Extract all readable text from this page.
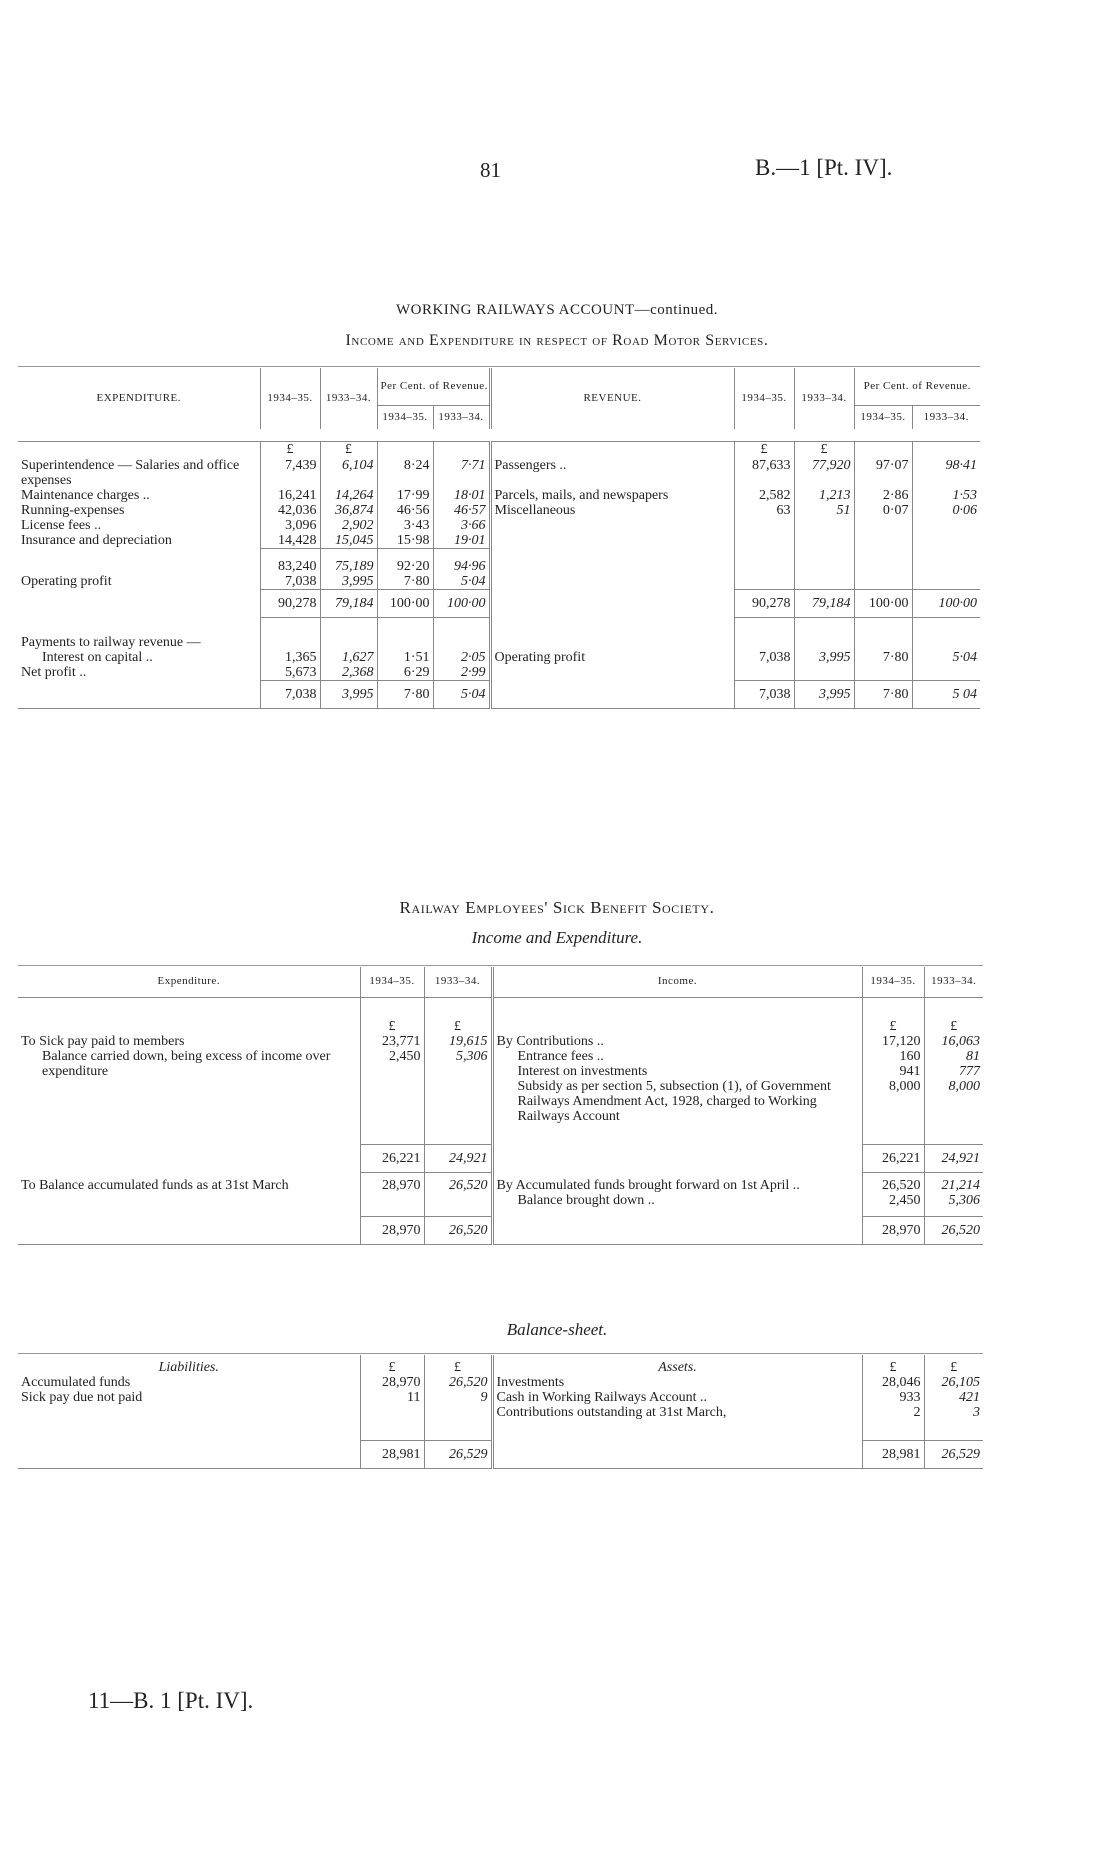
81	B.—1 [Pt. IV].
WORKING RAILWAYS ACCOUNT—continued.
Income and Expenditure in respect of Road Motor Services.
EXPENDITURE.	1934–35.	1933–34.	Per Cent. of Revenue.		REVENUE.	1934–35.	1933–34.	Per Cent. of Revenue.	
			1934–35.	1933–34.				1934–35.	1933–34.

	£	£				£	£		
Superintendence — Salaries and office expenses	7,439	6,104	8·24	7·71	Passengers ..	87,633	77,920	97·07	98·41
Maintenance charges ..	16,241	14,264	17·99	18·01	Parcels, mails, and newspapers	2,582	1,213	2·86	1·53
Running-expenses	42,036	36,874	46·56	46·57	Miscellaneous	63	51	0·07	0·06
License fees ..	3,096	2,902	3·43	3·66					
Insurance and depreciation	14,428	15,045	15·98	19·01					

	83,240	75,189	92·20	94·96					
Operating profit	7,038	3,995	7·80	5·04					
	90,278	79,184	100·00	100·00		90,278	79,184	100·00	100·00

Payments to railway revenue —									
Interest on capital ..	1,365	1,627	1·51	2·05	Operating profit	7,038	3,995	7·80	5·04
Net profit ..	5,673	2,368	6·29	2·99					
	7,038	3,995	7·80	5·04		7,038	3,995	7·80	5 04
Railway Employees' Sick Benefit Society.
Income and Expenditure.
Expenditure.	1934–35.	1933–34.	Income.	1934–35.	1933–34.

	£	£		£	£
To Sick pay paid to members	23,771	19,615	By Contributions ..	17,120	16,063
Balance carried down, being excess of income over expenditure	2,450	5,306	Entrance fees ..	160	81
			Interest on investments	941	777
			Subsidy as per section 5, subsection (1), of Government Railways Amendment Act, 1928, charged to Working Railways Account	8,000	8,000

	26,221	24,921		26,221	24,921

To Balance accumulated funds as at 31st March	28,970	26,520	By Accumulated funds brought forward on 1st April ..	26,520	21,214
			Balance brought down ..	2,450	5,306

	28,970	26,520		28,970	26,520
Balance-sheet.
Liabilities.	£	£	Assets.	£	£
Accumulated funds	28,970	26,520	Investments	28,046	26,105
Sick pay due not paid	11	9	Cash in Working Railways Account ..	933	421
			Contributions outstanding at 31st March,	2	3

	28,981	26,529		28,981	26,529
11—B. 1 [Pt. IV].
